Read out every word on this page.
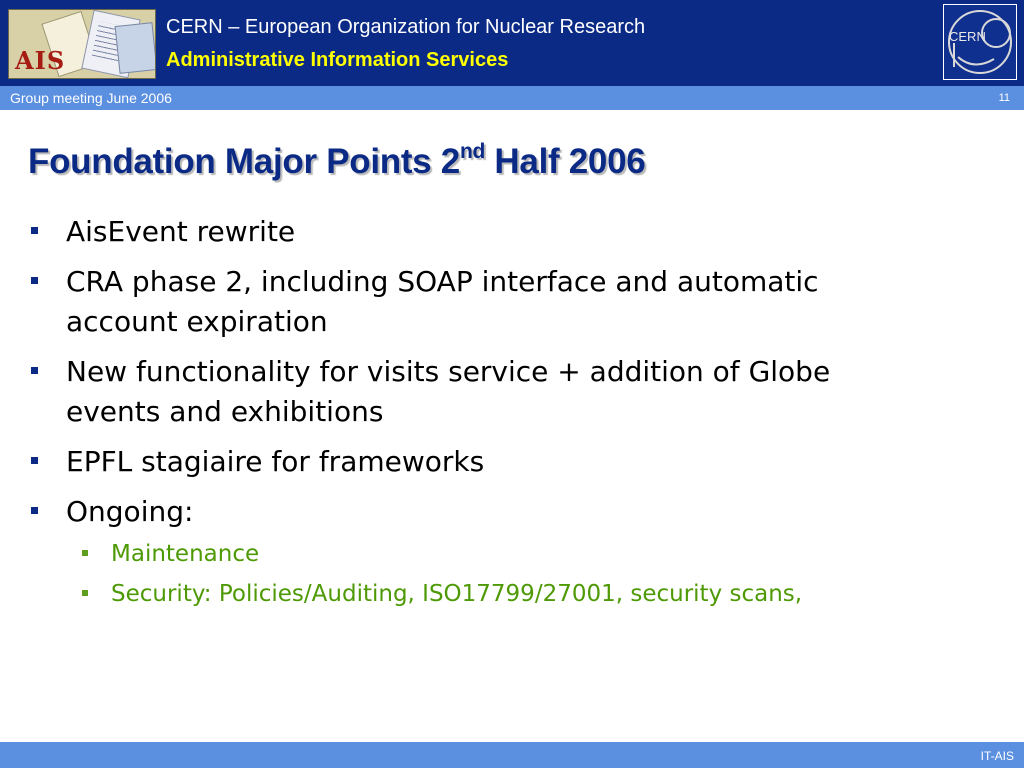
AIS
CERN – European Organization for Nuclear Research
Administrative Information Services
CERN
Group meeting June 2006	11
Foundation Major Points 2nd Half 2006
AisEvent rewrite
CRA phase 2, including SOAP interface and automatic
account expiration
New functionality for visits service + addition of Globe
events and exhibitions
EPFL stagiaire for frameworks
Ongoing:
Maintenance
Security: Policies/Auditing, ISO17799/27001, security scans,
IT-AIS
